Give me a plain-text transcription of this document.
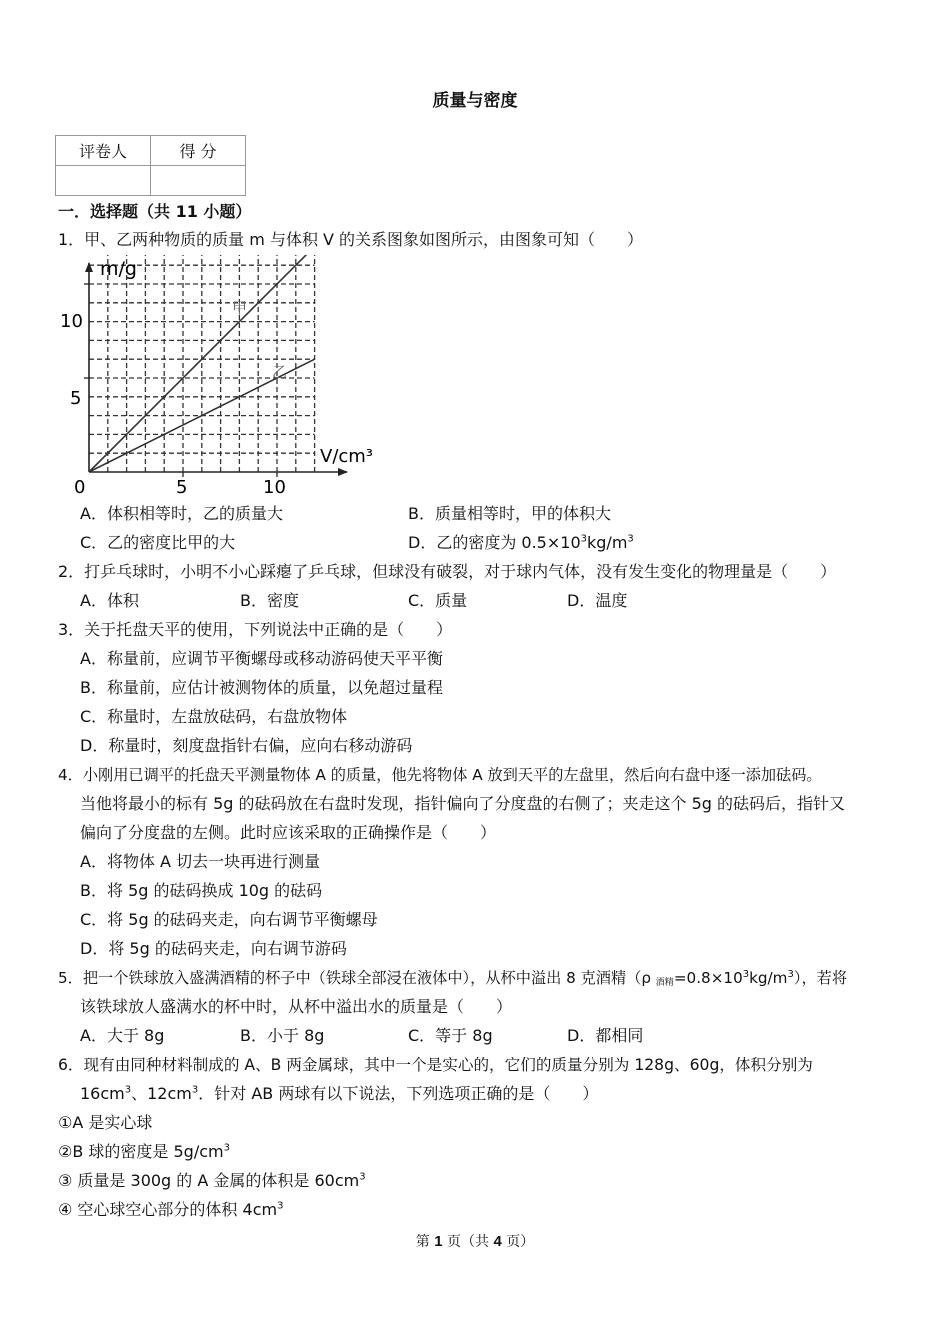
质量与密度
评卷人	得 分

一．选择题（共 11 小题）
1．甲、乙两种物质的质量 m 与体积 V 的关系图象如图所示，由图象可知（　　）
m/g
V/cm³
0	5	10
10
5
甲
乙
A．体积相等时，乙的质量大	B．质量相等时，甲的体积大
C．乙的密度比甲的大	D．乙的密度为 $0.5\times 10^3kg/m^3$
2．打乒乓球时，小明不小心踩瘪了乒乓球，但球没有破裂，对于球内气体，没有发生变化的物理量是（　　）
A．体积	B．密度	C．质量	D．温度
3．关于托盘天平的使用，下列说法中正确的是（　　）
A．称量前，应调节平衡螺母或移动游码使天平平衡
B．称量前，应估计被测物体的质量，以免超过量程
C．称量时，左盘放砝码，右盘放物体
D．称量时，刻度盘指针右偏，应向右移动游码
4．小刚用已调平的托盘天平测量物体 A 的质量，他先将物体 A 放到天平的左盘里，然后向右盘中逐一添加砝码。
当他将最小的标有 5g 的砝码放在右盘时发现，指针偏向了分度盘的右侧了；夹走这个 5g 的砝码后，指针又
偏向了分度盘的左侧。此时应该采取的正确操作是（　　）
A．将物体 A 切去一块再进行测量
B．将 5g 的砝码换成 10g 的砝码
C．将 5g 的砝码夹走，向右调节平衡螺母
D．将 5g 的砝码夹走，向右调节游码
5．把一个铁球放入盛满酒精的杯子中（铁球全部浸在液体中），从杯中溢出 8 克酒精（ρ $_{酒精}=0.8\times 10^3kg/m^3$），若将
该铁球放人盛满水的杯中时，从杯中溢出水的质量是（　　）
A．大于 8g	B．小于 8g	C．等于 8g	D．都相同
6．现有由同种材料制成的 A、B 两金属球，其中一个是实心的，它们的质量分别为 128g、60g，体积分别为
$16cm^3$、$12cm^3$．针对 AB 两球有以下说法，下列选项正确的是（　　）
①A 是实心球
②B 球的密度是 $5g/cm^3$
③ 质量是 300g 的 A 金属的体积是 $60cm^3$
④ 空心球空心部分的体积 $4cm^3$
第 1 页（共 4 页）
